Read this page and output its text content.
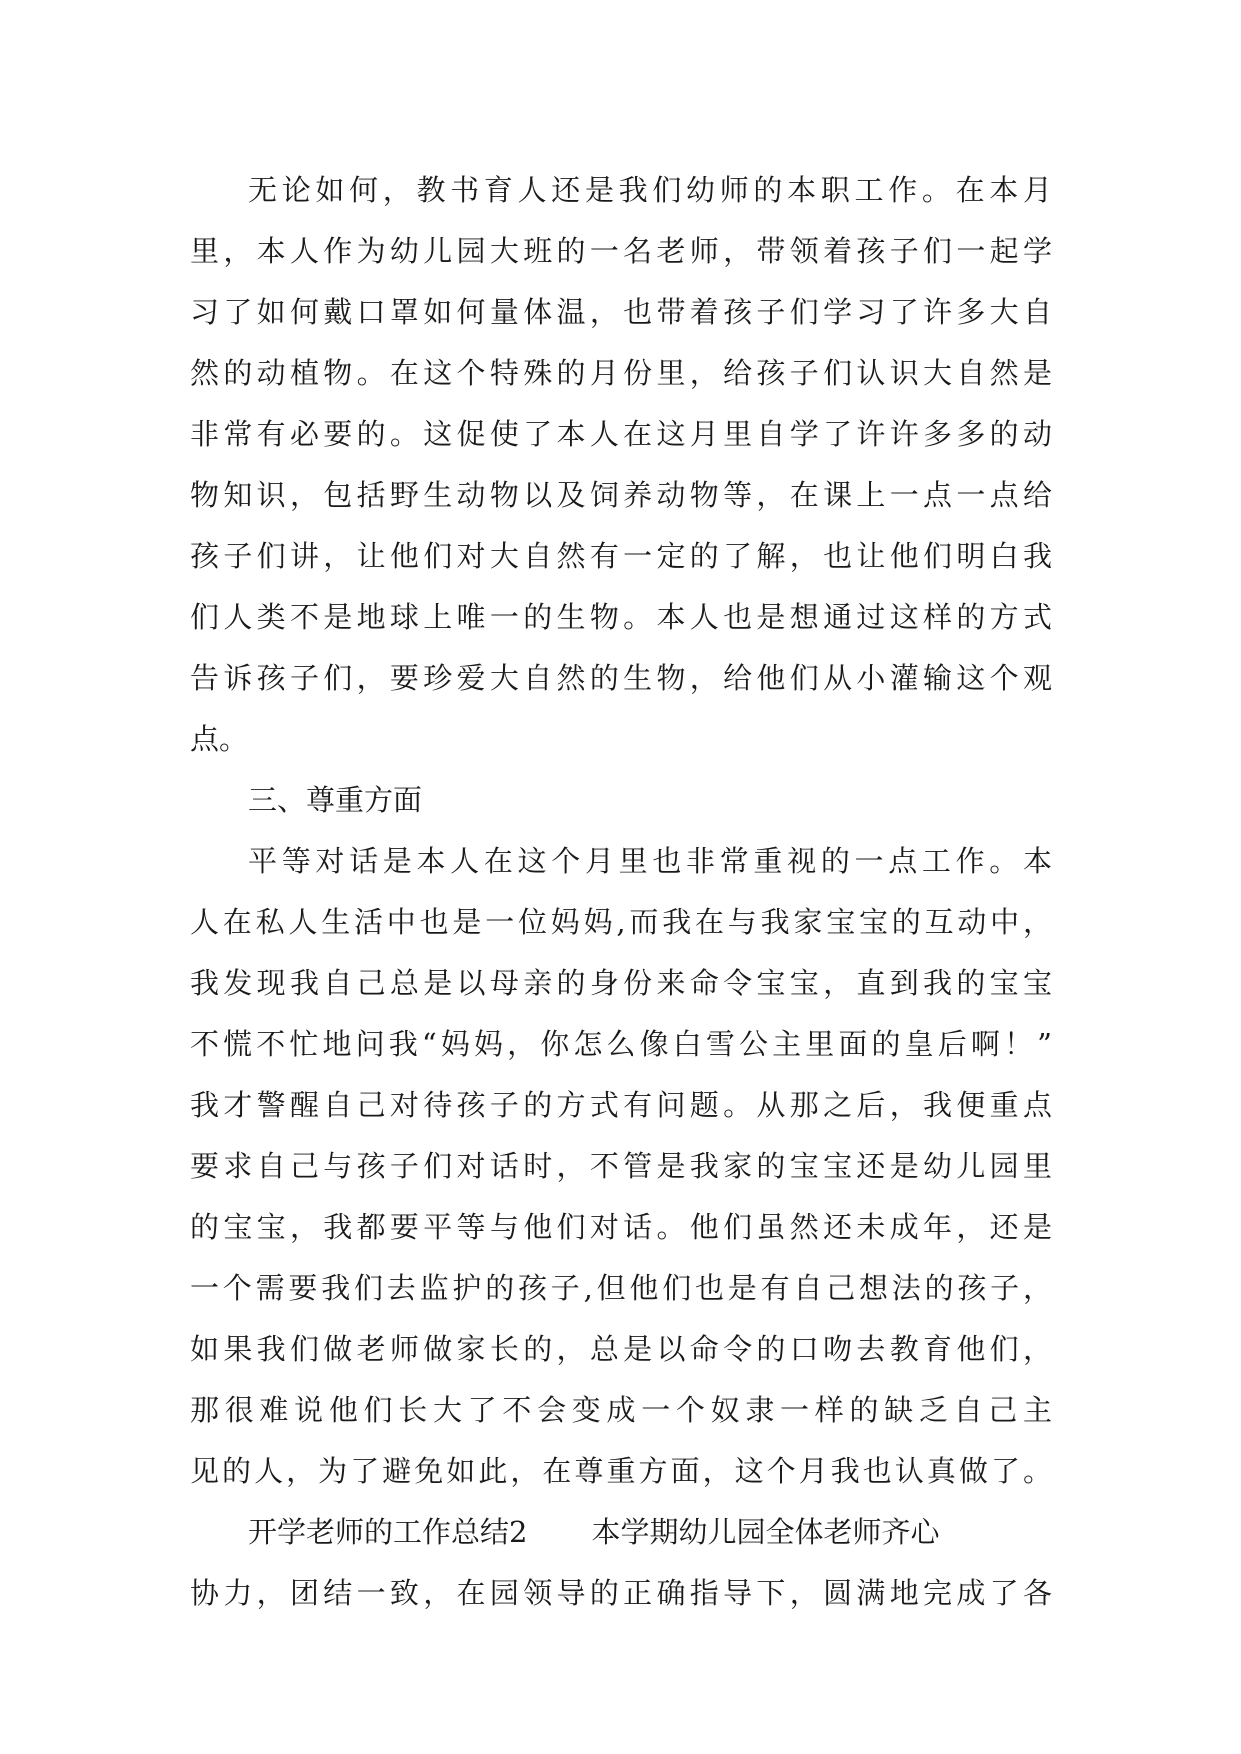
无论如何，教书育人还是我们幼师的本职工作。在本月
里，本人作为幼儿园大班的一名老师，带领着孩子们一起学
习了如何戴口罩如何量体温，也带着孩子们学习了许多大自
然的动植物。在这个特殊的月份里，给孩子们认识大自然是
非常有必要的。这促使了本人在这月里自学了许许多多的动
物知识，包括野生动物以及饲养动物等，在课上一点一点给
孩子们讲，让他们对大自然有一定的了解，也让他们明白我
们人类不是地球上唯一的生物。本人也是想通过这样的方式
告诉孩子们，要珍爱大自然的生物，给他们从小灌输这个观
点。
三、尊重方面
平等对话是本人在这个月里也非常重视的一点工作。本
人在私人生活中也是一位妈妈,而我在与我家宝宝的互动中，
我发现我自己总是以母亲的身份来命令宝宝，直到我的宝宝
不慌不忙地问我“妈妈，你怎么像白雪公主里面的皇后啊！”
我才警醒自己对待孩子的方式有问题。从那之后，我便重点
要求自己与孩子们对话时，不管是我家的宝宝还是幼儿园里
的宝宝，我都要平等与他们对话。他们虽然还未成年，还是
一个需要我们去监护的孩子,但他们也是有自己想法的孩子，
如果我们做老师做家长的，总是以命令的口吻去教育他们，
那很难说他们长大了不会变成一个奴隶一样的缺乏自己主
见的人，为了避免如此，在尊重方面，这个月我也认真做了。
开学老师的工作总结2 本学期幼儿园全体老师齐心
协力，团结一致，在园领导的正确指导下，圆满地完成了各
